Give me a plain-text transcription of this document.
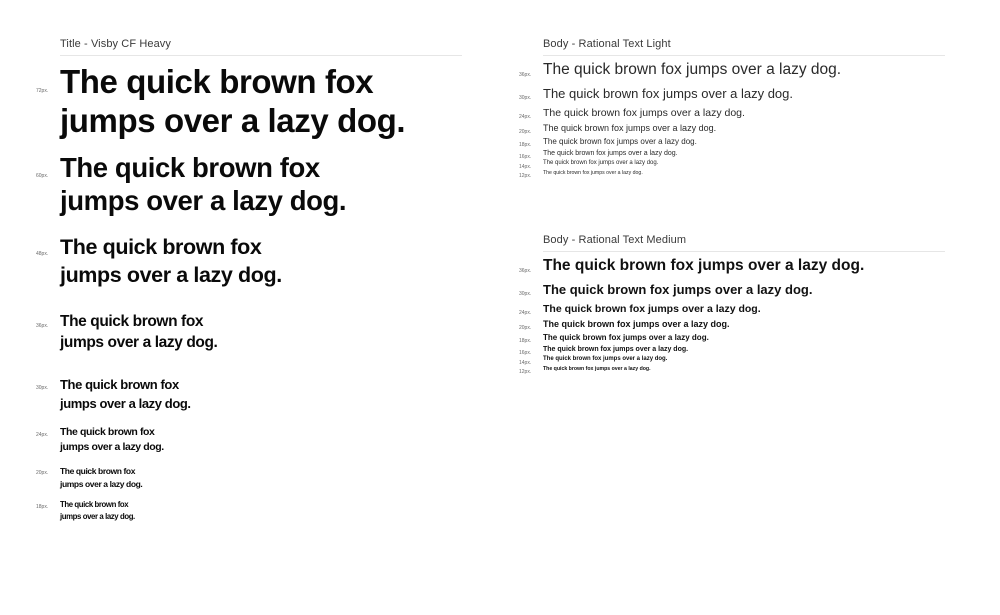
Title - Visby CF Heavy	Body - Rational Text Light
Body - Rational Text Medium
72px. The quick brown fox
jumps over a lazy dog.
60px. The quick brown fox
jumps over a lazy dog.
48px. The quick brown fox
jumps over a lazy dog.
36px. The quick brown fox
jumps over a lazy dog.
30px. The quick brown fox
jumps over a lazy dog.
24px. The quick brown fox
jumps over a lazy dog.
20px. The quick brown fox
jumps over a lazy dog.
18px. The quick brown fox
jumps over a lazy dog.
36px. The quick brown fox jumps over a lazy dog.
30px. The quick brown fox jumps over a lazy dog.
24px. The quick brown fox jumps over a lazy dog.
20px. The quick brown fox jumps over a lazy dog.
18px. The quick brown fox jumps over a lazy dog.
16px. The quick brown fox jumps over a lazy dog.
14px.
The quick brown fox jumps over a lazy dog.
12px. The quick brown fox jumps over a lazy dog.
36px. The quick brown fox jumps over a lazy dog.
30px. The quick brown fox jumps over a lazy dog.
24px. The quick brown fox jumps over a lazy dog.
20px. The quick brown fox jumps over a lazy dog.
18px. The quick brown fox jumps over a lazy dog.
16px. The quick brown fox jumps over a lazy dog.
14px.
The quick brown fox jumps over a lazy dog.
12px. The quick brown fox jumps over a lazy dog.
